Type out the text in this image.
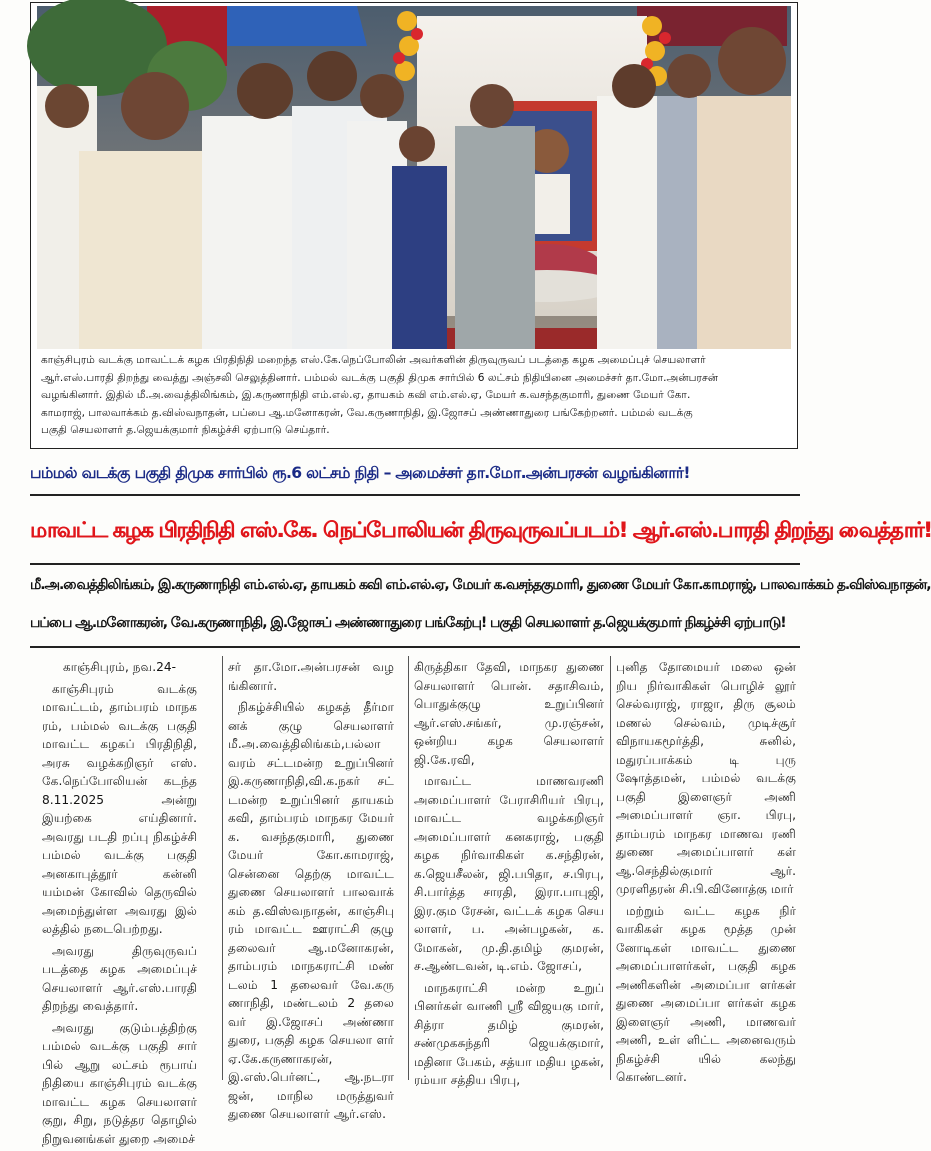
காஞ்சிபுரம் வடக்கு மாவட்டக் கழக பிரதிநிதி மறைந்த எஸ்.கே.நெப்போலின் அவர்களின் திருவுருவப் படத்தை கழக அமைப்புச் செயலாளர்

ஆர்.எஸ்.பாரதி திறந்து வைத்து அஞ்சலி செலுத்தினார். பம்மல் வடக்கு பகுதி திமுக சார்பில் 6 லட்சம் நிதியினை அமைச்சர் தா.மோ.அன்பரசன்

வழங்கினார். இதில் மீ.அ.வைத்திலிங்கம், இ.கருணாநிதி எம்.எல்.ஏ, தாயகம் கவி எம்.எல்.ஏ, மேயர் க.வசந்தகுமாரி, துணை மேயர் கோ.

காமராஜ், பாலவாக்கம் த.விஸ்வநாதன், பப்பை ஆ.மனோகரன், வே.கருணாநிதி, இ.ஜோசப் அண்ணாதுரை பங்கேற்றனர். பம்மல் வடக்கு

பகுதி செயலாளர் த.ஜெயக்குமார் நிகழ்ச்சி ஏற்பாடு செய்தார்.

பம்மல் வடக்கு பகுதி திமுக சார்பில் ரூ.6 லட்சம் நிதி – அமைச்சர் தா.மோ.அன்பரசன் வழங்கினார்!
மாவட்ட கழக பிரதிநிதி எஸ்.கே. நெப்போலியன் திருவுருவப்படம்! ஆர்.எஸ்.பாரதி திறந்து வைத்தார்!
மீ.அ.வைத்திலிங்கம், இ.கருணாநிதி எம்.எல்.ஏ, தாயகம் கவி எம்.எல்.ஏ, மேயர் க.வசந்தகுமாரி, துணை மேயர் கோ.காமராஜ், பாலவாக்கம் த.விஸ்வநாதன்,
பப்பை ஆ.மனோகரன், வே.கருணாநிதி, இ.ஜோசப் அண்ணாதுரை பங்கேற்பு! பகுதி செயலாளர் த.ஜெயக்குமார் நிகழ்ச்சி ஏற்பாடு!

காஞ்சிபுரம், நவ.24-

காஞ்சிபுரம் வடக்கு மாவட்டம், தாம்பரம் மாநக ரம், பம்மல் வடக்கு பகுதி மாவட்ட கழகப் பிரதிநிதி, அரசு வழக்கறிஞர் எஸ். கே.நெப்போலியன் கடந்த 8.11.2025 அன்று இயற்கை எய்தினார். அவரது படதி றப்பு நிகழ்ச்சி பம்மல் வடக்கு பகுதி அனகாபுத்தூர் கன்னி யம்மன் கோவில் தெருவில் அமைந்துள்ள அவரது இல் லத்தில் நடைபெற்றது.

அவரது திருவுருவப் படத்தை கழக அமைப்புச் செயலாளர் ஆர்.எஸ்.பாரதி திறந்து வைத்தார்.

அவரது குடும்பத்திற்கு பம்மல் வடக்கு பகுதி சார் பில் ஆறு லட்சம் ரூபாய் நிதியை காஞ்சிபுரம் வடக்கு மாவட்ட கழக செயலாளர் குறு, சிறு, நடுத்தர தொழில் நிறுவனங்கள் துறை அமைச்

சர் தா.மோ.அன்பரசன் வழ ங்கினார்.

நிகழ்ச்சியில் கழகத் தீர்மா னக் குழு செயலாளர் மீ.அ.வைத்திலிங்கம்,பல்லா வரம் சட்டமன்ற உறுப்பினர் இ.கருணாநிதி,வி.க.நகர் சட் டமன்ற உறுப்பினர் தாயகம் கவி, தாம்பரம் மாநகர மேயர் க. வசந்தகுமாரி, துணை மேயர் கோ.காமராஜ், சென்னை தெற்கு மாவட்ட துணை செயலாளர் பாலவாக் கம் த.விஸ்வநாதன், காஞ்சிபு ரம் மாவட்ட ஊராட்சி குழு தலைவர் ஆ.மனோகரன், தாம்பரம் மாநகராட்சி மண் டலம் 1 தலைவர் வே.கரு ணாநிதி, மண்டலம் 2 தலை வர் இ.ஜோசப் அண்ணா துரை, பகுதி கழக செயலா ளர் ஏ.கே.கருணாகரன், இ.எஸ்.பெர்னட், ஆ.நடரா ஜன், மாநில மருத்துவர் துணை செயலாளர் ஆர்.எஸ்.

கிருத்திகா தேவி, மாநகர துணை செயலாளர் பொன். சதாசிவம், பொதுக்குழு உறுப்பினர் ஆர்.எஸ்.சங்கர், மு.ரஞ்சன், ஒன்றிய கழக செயலாளர் ஜி.கே.ரவி,

மாவட்ட மாணவரணி அமைப்பாளர் பேராசிரியர் பிரபு, மாவட்ட வழக்கறிஞர் அமைப்பாளர் கனகராஜ், பகுதி கழக நிர்வாகிகள் க.சந்திரன், க.ஜெயசீலன், ஜி.பபிதா, ச.பிரபு, சி.பார்த்த சாரதி, இரா.பாபுஜி, இர.கும ரேசன், வட்டக் கழக செய லாளர், ப. அன்பழகன், க. மோகன், மு.தி.தமிழ் குமரன், ச.ஆண்டவன், டி.எம். ஜோசப்,

மாநகராட்சி மன்ற உறுப் பினர்கள் வாணி ஸ்ரீ விஜயகு மார், சித்ரா தமிழ் குமரன், சண்முகசுந்தரி ஜெயக்குமார், மதினா பேகம், சத்யா மதிய ழகன், ரம்யா சத்திய பிரபு,

புனித தோமையர் மலை ஒன் றிய நிர்வாகிகள் பொழிச் லூர் செல்வராஜ், ராஜா, திரு சூலம் மணல் செல்வம், முடிச்சூர் விநாயகமூர்த்தி, சுனில், மதுரப்பாக்கம் டி புரு ஷோத்தமன், பம்மல் வடக்கு பகுதி இளைஞர் அணி அமைப்பாளர் ஞா. பிரபு, தாம்பரம் மாநகர மாணவ ரணி துணை அமைப்பாளர் கள் ஆ.செந்தில்குமார் ஆர். முரளிதரன் சி.பி.வினோத்கு மார்

மற்றும் வட்ட கழக நிர் வாகிகள் கழக மூத்த முன் னோடிகள் மாவட்ட துணை அமைப்பாளர்கள், பகுதி கழக அணிகளின் அமைப்பா ளர்கள் துணை அமைப்பா ளர்கள் கழக இளைஞர் அணி, மாணவர் அணி, உள் ளிட்ட அனைவரும் நிகழ்ச்சி யில் கலந்து கொண்டனர்.
